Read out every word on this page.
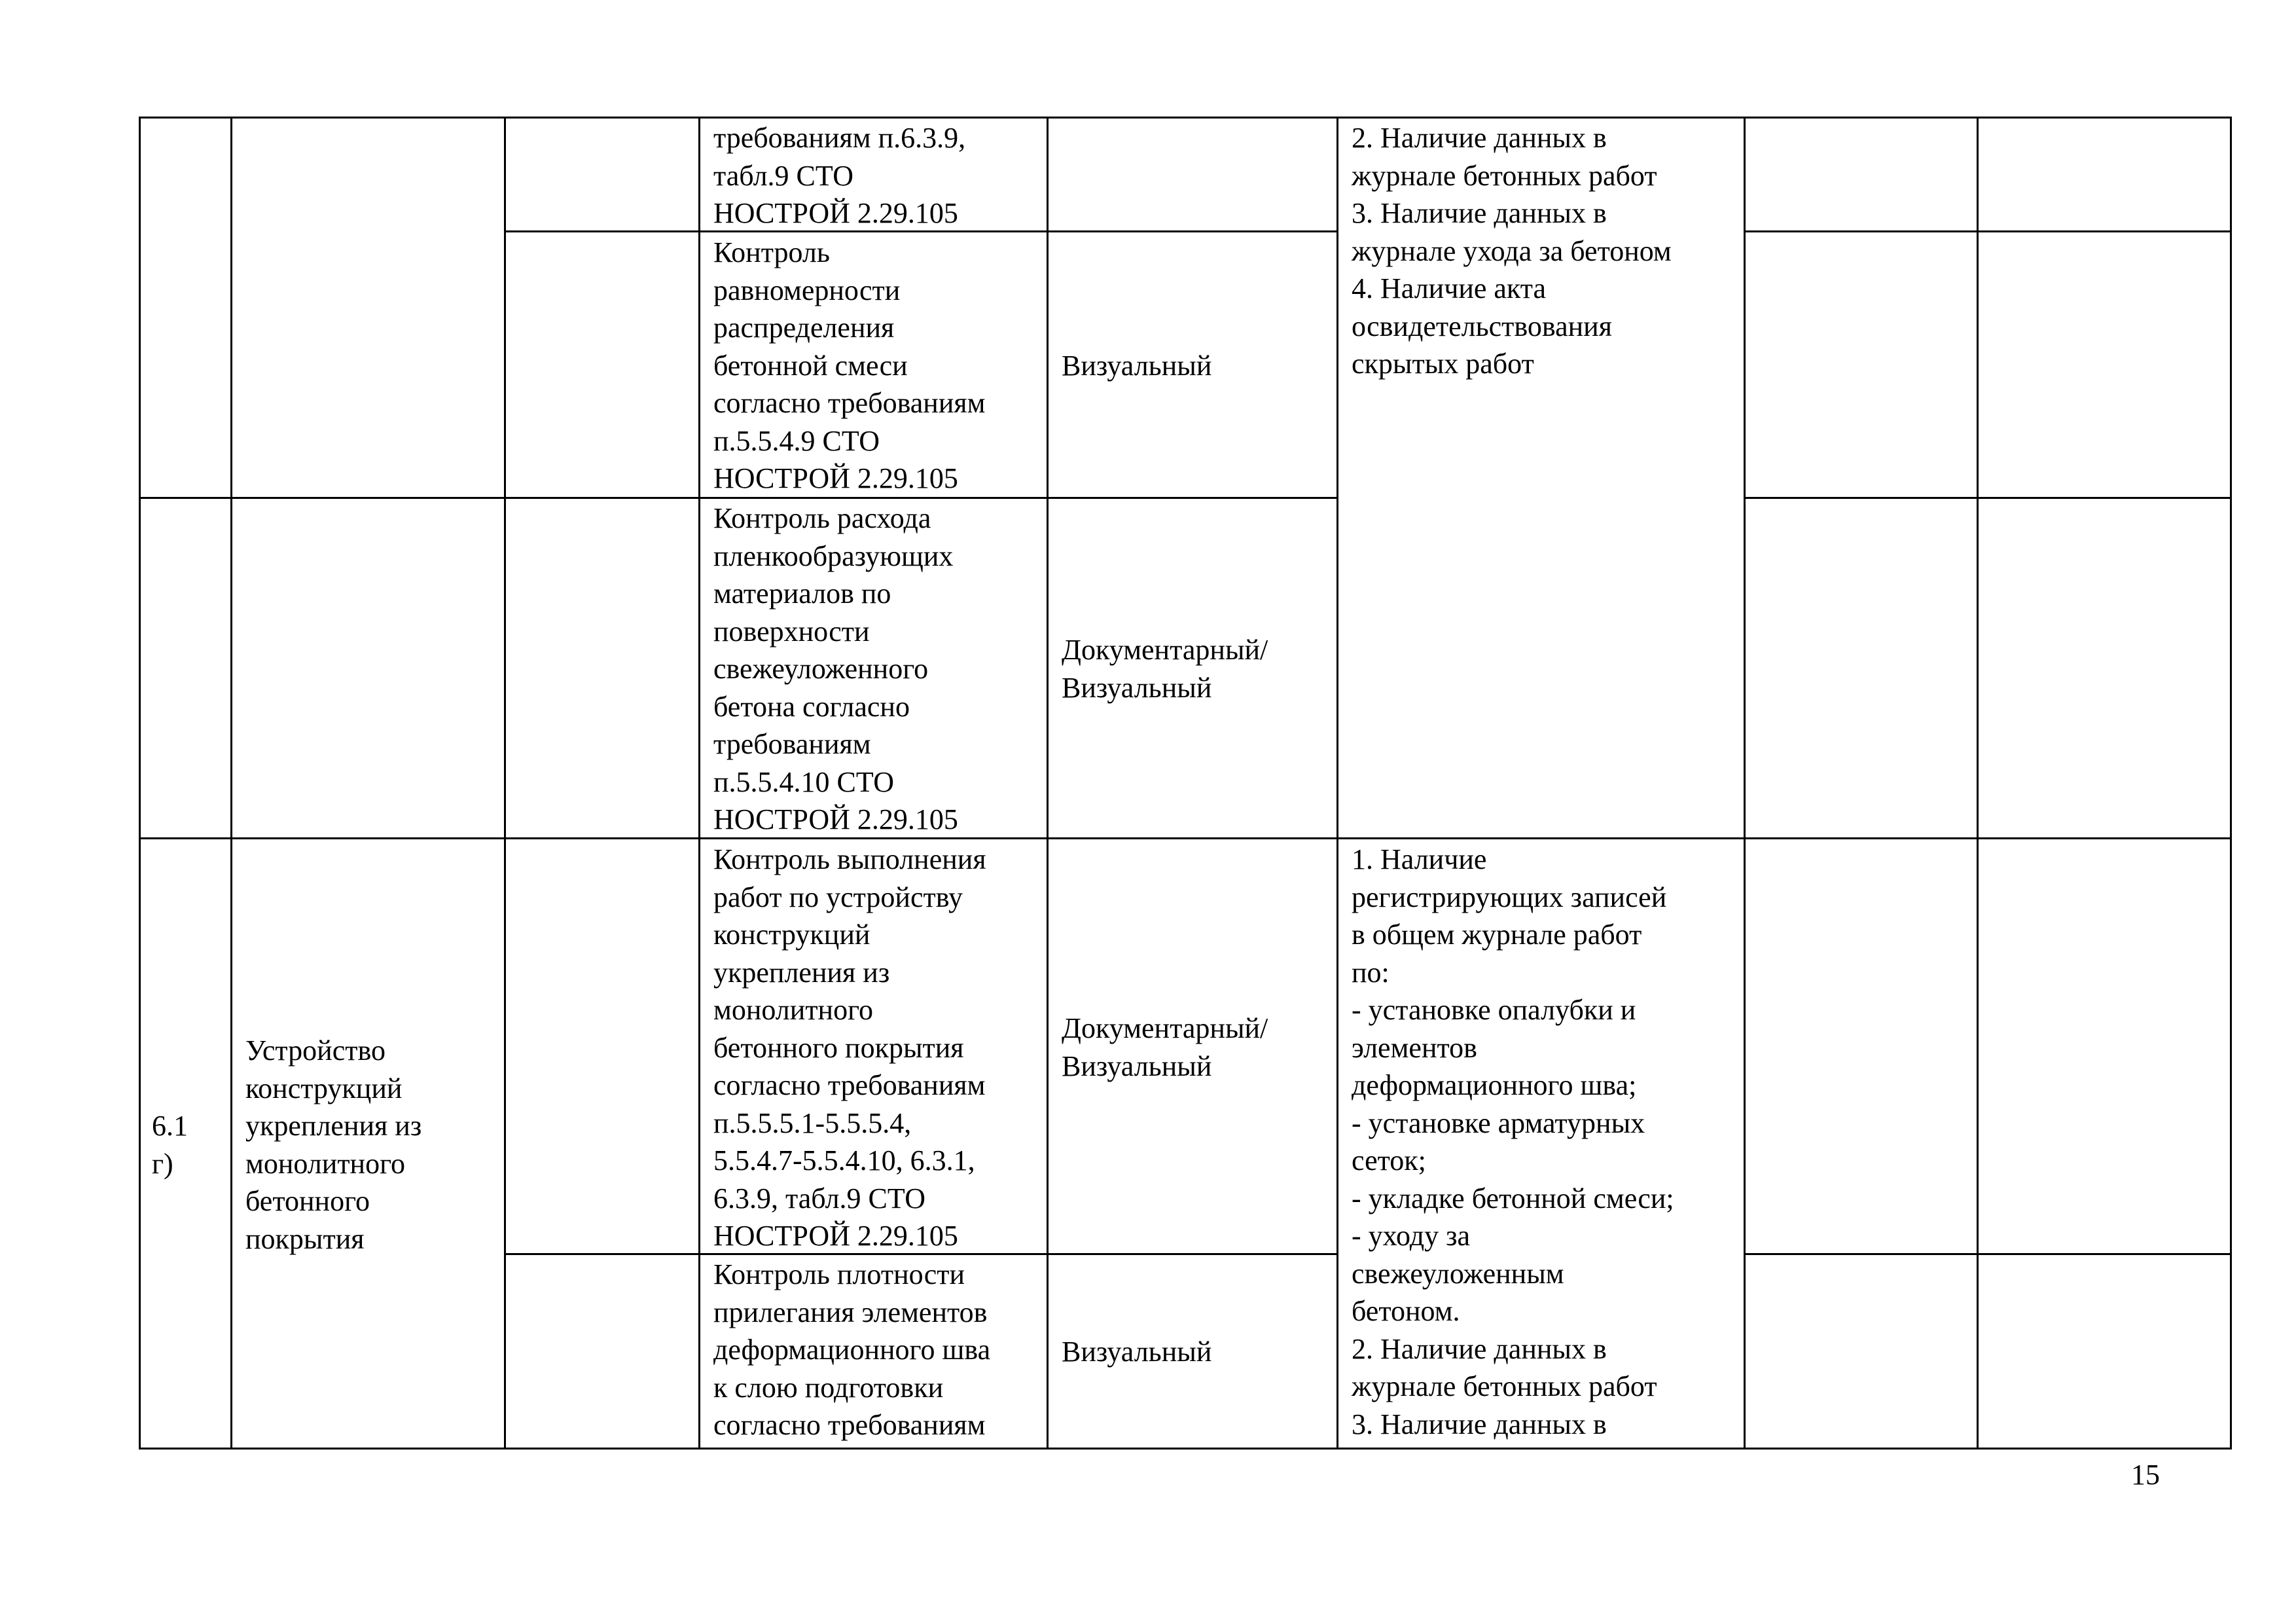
требованиям п.6.3.9,
табл.9 СТО
НОСТРОЙ 2.29.105
Контроль
равномерности
распределения
бетонной смеси
согласно требованиям
п.5.5.4.9 СТО
НОСТРОЙ 2.29.105
Визуальный
Контроль расхода
пленкообразующих
материалов по
поверхности
свежеуложенного
бетона согласно
требованиям
п.5.5.4.10 СТО
НОСТРОЙ 2.29.105
Документарный/
Визуальный
2. Наличие данных в
журнале бетонных работ
3. Наличие данных в
журнале ухода за бетоном
4. Наличие акта
освидетельствования
скрытых работ
6.1
г)
Устройство
конструкций
укрепления из
монолитного
бетонного
покрытия
Контроль выполнения
работ по устройству
конструкций
укрепления из
монолитного
бетонного покрытия
согласно требованиям
п.5.5.5.1-5.5.5.4,
5.5.4.7-5.5.4.10, 6.3.1,
6.3.9, табл.9 СТО
НОСТРОЙ 2.29.105
Документарный/
Визуальный
Контроль плотности
прилегания элементов
деформационного шва
к слою подготовки
согласно требованиям
Визуальный
1. Наличие
регистрирующих записей
в общем журнале работ
по:
- установке опалубки и
элементов
деформационного шва;
- установке арматурных
сеток;
- укладке бетонной смеси;
- уходу за
свежеуложенным
бетоном.
2. Наличие данных в
журнале бетонных работ
3. Наличие данных в
15
